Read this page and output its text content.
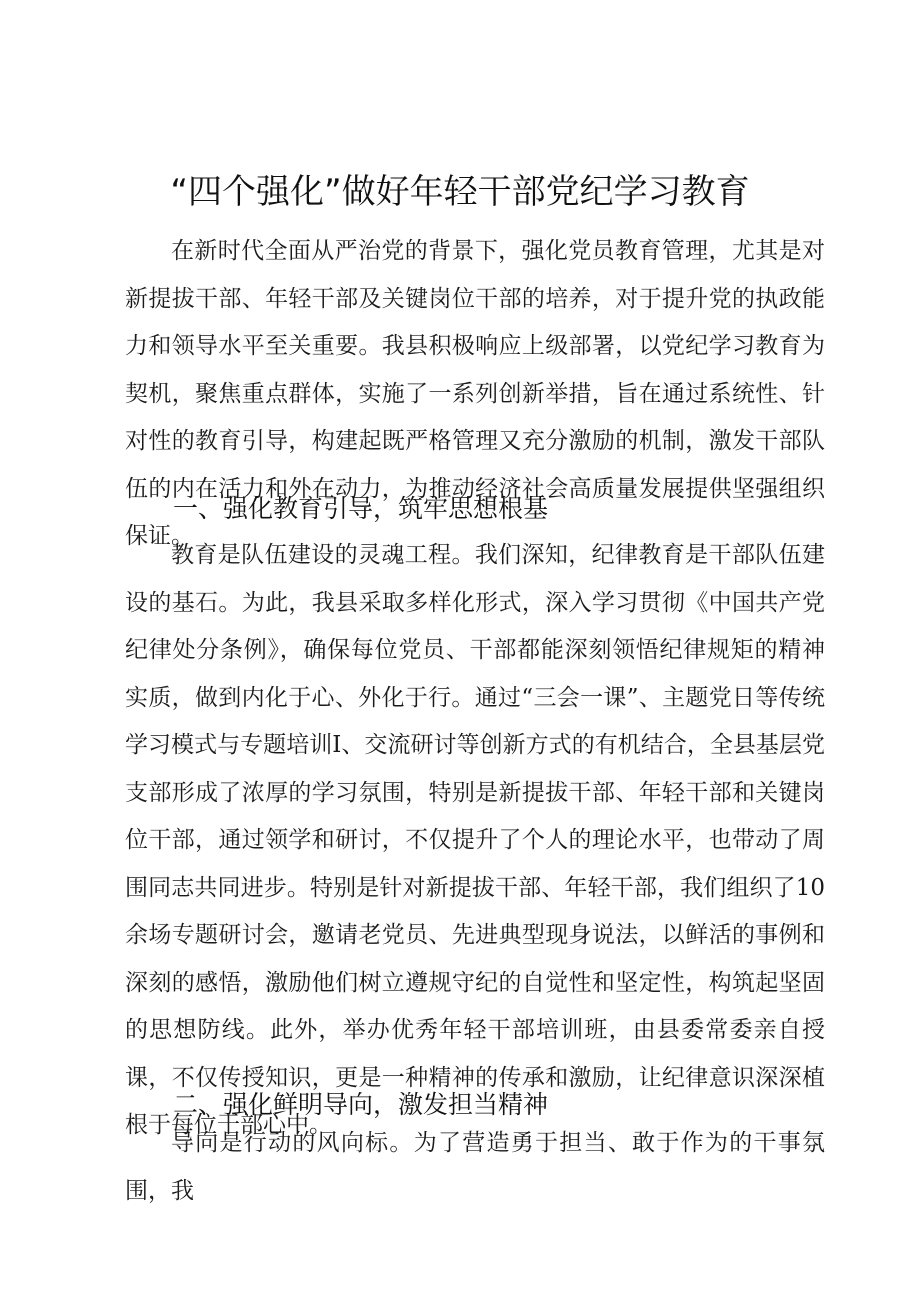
“四个强化”做好年轻干部党纪学习教育

在新时代全面从严治党的背景下，强化党员教育管理，尤其是对新提拔干部、年轻干部及关键岗位干部的培养，对于提升党的执政能力和领导水平至关重要。我县积极响应上级部署，以党纪学习教育为契机，聚焦重点群体，实施了一系列创新举措，旨在通过系统性、针对性的教育引导，构建起既严格管理又充分激励的机制，激发干部队伍的内在活力和外在动力，为推动经济社会高质量发展提供坚强组织保证。

一、强化教育引导，筑牢思想根基

教育是队伍建设的灵魂工程。我们深知，纪律教育是干部队伍建设的基石。为此，我县采取多样化形式，深入学习贯彻《中国共产党纪律处分条例》，确保每位党员、干部都能深刻领悟纪律规矩的精神实质，做到内化于心、外化于行。通过“三会一课”、主题党日等传统学习模式与专题培训I、交流研讨等创新方式的有机结合，全县基层党支部形成了浓厚的学习氛围，特别是新提拔干部、年轻干部和关键岗位干部，通过领学和研讨，不仅提升了个人的理论水平，也带动了周围同志共同进步。特别是针对新提拔干部、年轻干部，我们组织了10余场专题研讨会，邀请老党员、先进典型现身说法，以鲜活的事例和深刻的感悟，激励他们树立遵规守纪的自觉性和坚定性，构筑起坚固的思想防线。此外，举办优秀年轻干部培训班，由县委常委亲自授课，不仅传授知识，更是一种精神的传承和激励，让纪律意识深深植根于每位干部心中。

二、强化鲜明导向，激发担当精神

导向是行动的风向标。为了营造勇于担当、敢于作为的干事氛围，我
